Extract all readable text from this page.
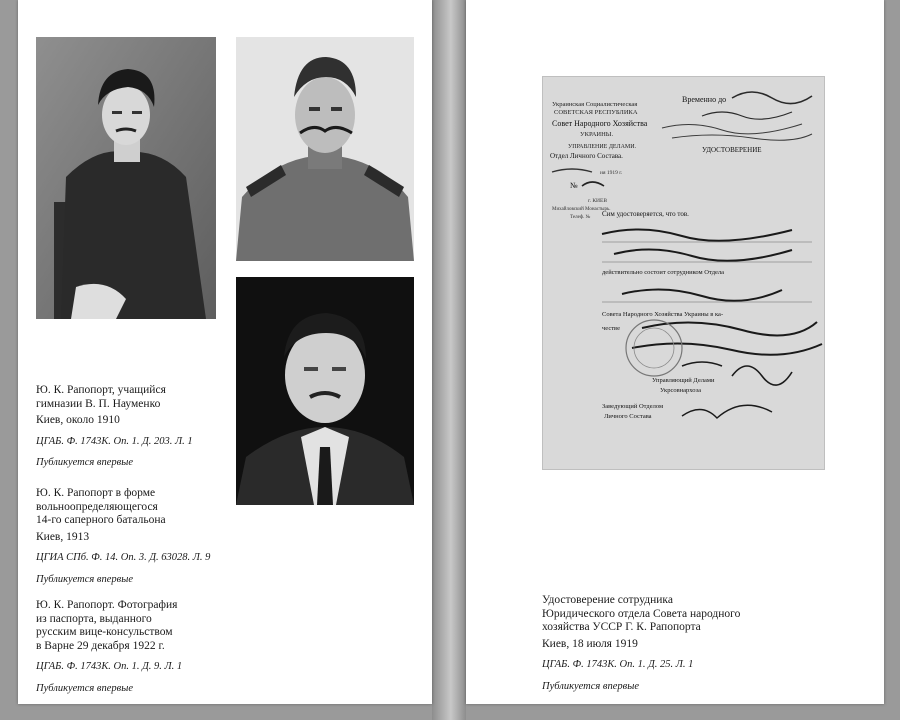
Ю. К. Рапопорт, учащийся
гимназии В. П. Науменко

Киев, около 1910

ЦГАБ. Ф. 1743К. Оп. 1. Д. 203. Л. 1

Публикуется впервые

Ю. К. Рапопорт в форме
вольноопределяющегося
14-го саперного батальона

Киев, 1913

ЦГИА СПб. Ф. 14. Оп. 3. Д. 63028. Л. 9

Публикуется впервые

Ю. К. Рапопорт. Фотография
из паспорта, выданного
русским вице-консульством
в Варне 29 декабря 1922 г.

ЦГАБ. Ф. 1743К. Оп. 1. Д. 9. Л. 1

Публикуется впервые

Украинская Социалистическая
СОВЕТСКАЯ РЕСПУБЛИКА
Совет Народного Хозяйства
УКРАИНЫ.
УПРАВЛЕНИЕ ДЕЛАМИ.
Отдел Личного Состава.
ия 1919 г.
№
г. КИЕВ
Михайловский Монастырь.
Телеф. №
Временно до
УДОСТОВЕРЕНИЕ
Сим удостоверяется, что тов.
действительно состоит сотрудником Отдела
Совета Народного Хозяйства Украины в ка-
честве
Управляющий Делами
Укрсовнархоза
Заведующий Отделом
Личного Состава

Удостоверение сотрудника
Юридического отдела Совета народного
хозяйства УССР Г. К. Рапопорта

Киев, 18 июля 1919

ЦГАБ. Ф. 1743К. Оп. 1. Д. 25. Л. 1

Публикуется впервые
